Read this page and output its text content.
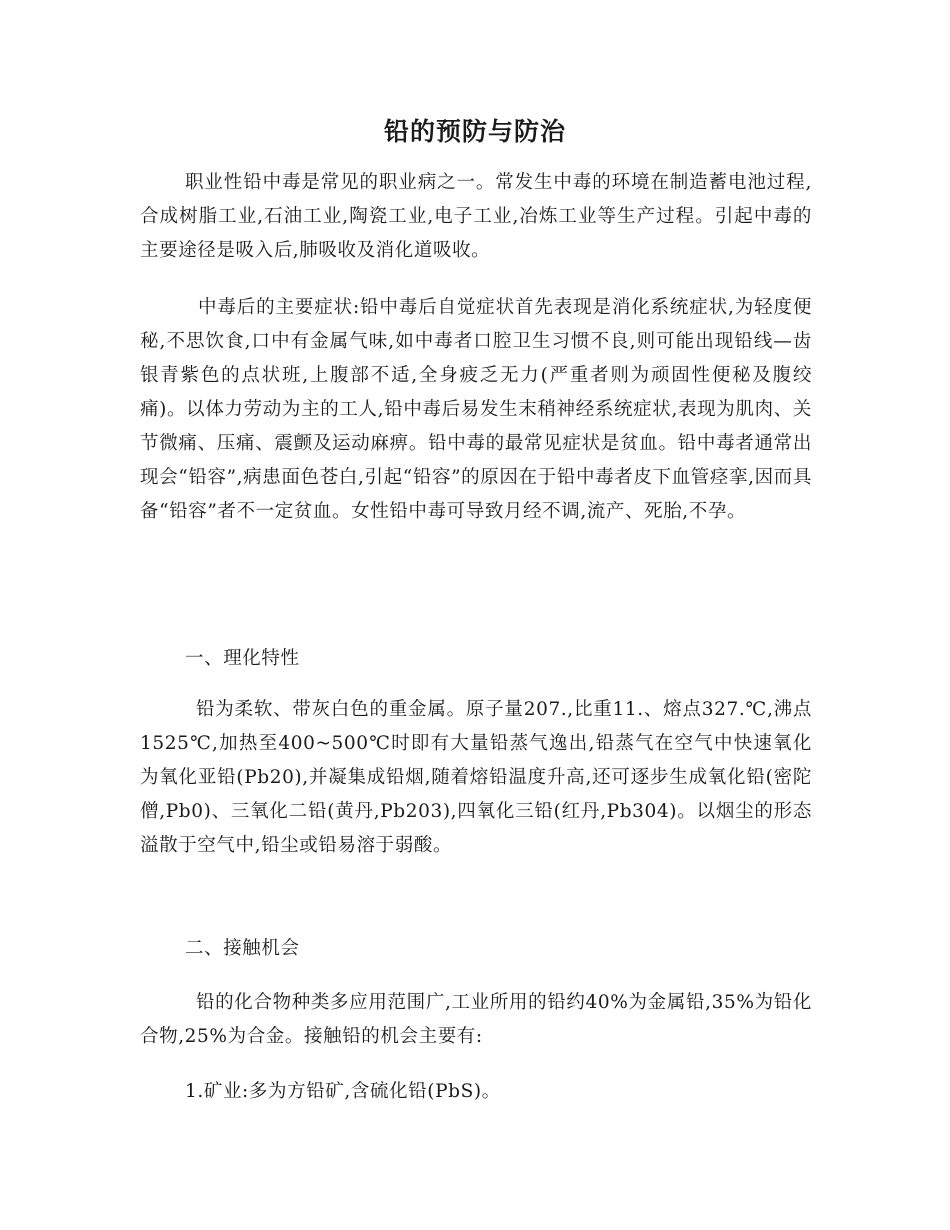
铅的预防与防治

职业性铅中毒是常见的职业病之一。常发生中毒的环境在制造蓄电池过程,合成树脂工业,石油工业,陶瓷工业,电子工业,冶炼工业等生产过程。引起中毒的主要途径是吸入后,肺吸收及消化道吸收。

中毒后的主要症状:铅中毒后自觉症状首先表现是消化系统症状,为轻度便秘,不思饮食,口中有金属气味,如中毒者口腔卫生习惯不良,则可能出现铅线—齿银青紫色的点状班,上腹部不适,全身疲乏无力(严重者则为顽固性便秘及腹绞痛)。以体力劳动为主的工人,铅中毒后易发生末稍神经系统症状,表现为肌肉、关节微痛、压痛、震颤及运动麻痹。铅中毒的最常见症状是贫血。铅中毒者通常出现会“铅容”,病患面色苍白,引起“铅容”的原因在于铅中毒者皮下血管痉挛,因而具备“铅容”者不一定贫血。女性铅中毒可导致月经不调,流产、死胎,不孕。

一、理化特性

铅为柔软、带灰白色的重金属。原子量207.,比重11.、熔点327.℃,沸点1525℃,加热至400~500℃时即有大量铅蒸气逸出,铅蒸气在空气中快速氧化为氧化亚铅(Pb20),并凝集成铅烟,随着熔铅温度升高,还可逐步生成氧化铅(密陀僧,Pb0)、三氧化二铅(黄丹,Pb203),四氧化三铅(红丹,Pb304)。以烟尘的形态溢散于空气中,铅尘或铅易溶于弱酸。

二、接触机会

铅的化合物种类多应用范围广,工业所用的铅约40%为金属铅,35%为铅化合物,25%为合金。接触铅的机会主要有:

1.矿业:多为方铅矿,含硫化铅(PbS)。
